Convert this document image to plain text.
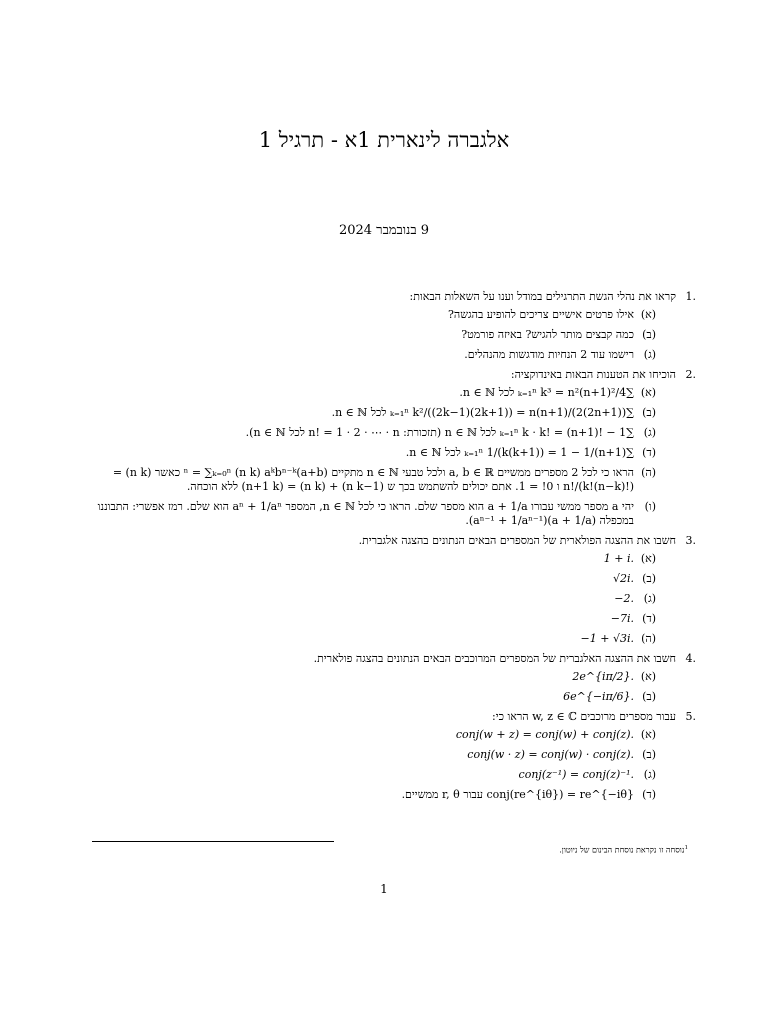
אלגברה לינארית 1א - תרגיל 1
9 בנובמבר 2024
.1
קראו את נהלי הגשת התרגילים במודל וענו על השאלות הבאות:
(א)
אילו פרטים אישיים צריכים להופיע בהגשה?
(ב)
כמה קבצים מותר להגיש? באיזה פורמט?
(ג)
רישמו עוד 2 הנחיות מודגשות מהנהלים.
.2
הוכיחו את הטענות הבאות באינדוקציה:
(א)
∑ₖ₌₁ⁿ k³ = n²(n+1)²/4 לכל n ∈ ℕ.
(ב)
∑ₖ₌₁ⁿ k²/((2k−1)(2k+1)) = n(n+1)/(2(2n+1)) לכל n ∈ ℕ.
(ג)
∑ₖ₌₁ⁿ k · k! = (n+1)! − 1 לכל n ∈ ℕ (תזכורת: n! = 1 · 2 · ⋯ · n לכל n ∈ ℕ).
(ד)
∑ₖ₌₁ⁿ 1/(k(k+1)) = 1 − 1/(n+1) לכל n ∈ ℕ.
(ה)
הראו כי לכל 2 מספרים ממשיים a, b ∈ ℝ ולכל טבעי n ∈ ℕ מתקיים (a+b)ⁿ = ∑ₖ₌₀ⁿ (n k) aᵏbⁿ⁻ᵏ כאשר (n k) = n!/(k!(n−k)!) ו 0! = 1. אתם יכולים להשתמש בכך ש (n k−1) + (n k) = (n+1 k) ללא הוכחה.
(ו)
יהי a מספר ממשי עבורו a + 1/a הוא מספר שלם. הראו כי לכל n ∈ ℕ, המספר aⁿ + 1/aⁿ הוא שלם. רמז אפשרי: התבוננו במכפלה (a + 1/a)(aⁿ⁻¹ + 1/aⁿ⁻¹).
.3
חשבו את ההצגה הפולארית של המספרים הבאים הנתונים בהצגה אלגברית.
(א)
1 + i.
(ב)
√2i.
(ג)
−2.
(ד)
−7i.
(ה)
−1 + √3i.
.4
חשבו את ההצגה האלגברית של המספרים המרוכבים הבאים הנתונים בהצגה פולארית.
(א)
2e^{iπ/2}.
(ב)
6e^{−iπ/6}.
.5
עבור מספרים מרוכבים w, z ∈ ℂ הראו כי:
(א)
conj(w + z) = conj(w) + conj(z).
(ב)
conj(w · z) = conj(w) · conj(z).
(ג)
conj(z⁻¹) = conj(z)⁻¹.
(ד)
conj(re^{iθ}) = re^{−iθ} עבור r, θ ממשיים.
$^1$נוסחה זו נקראת נוסחת הבינום של ניוטון.
1
